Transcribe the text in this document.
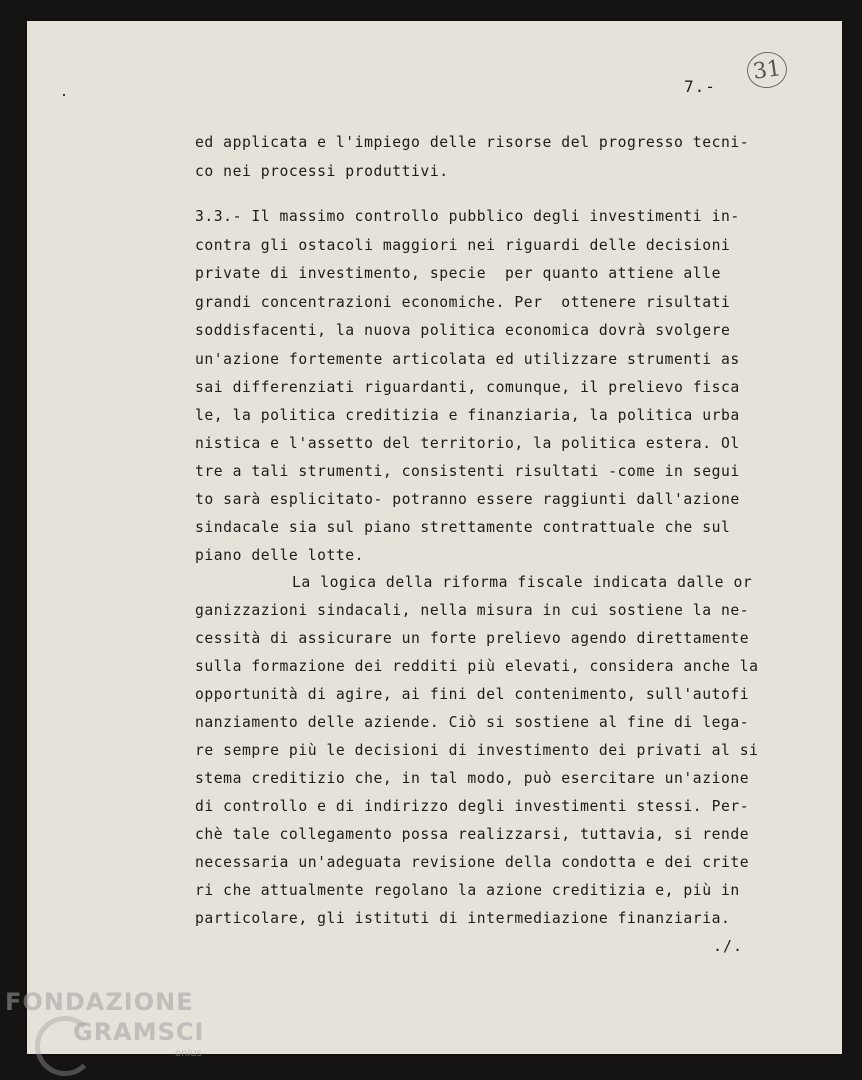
7.-
31

ed applicata e l'impiego delle risorse del progresso tecni-

co nei processi produttivi.

3.3.- Il massimo controllo pubblico degli investimenti in-

contra gli ostacoli maggiori nei riguardi delle decisioni

private di investimento, specie  per quanto attiene alle

grandi concentrazioni economiche. Per  ottenere risultati

soddisfacenti, la nuova politica economica dovrà svolgere

un'azione fortemente articolata ed utilizzare strumenti as

sai differenziati riguardanti, comunque, il prelievo fisca

le, la politica creditizia e finanziaria, la politica urba

nistica e l'assetto del territorio, la politica estera. Ol

tre a tali strumenti, consistenti risultati -come in segui

to sarà esplicitato- potranno essere raggiunti dall'azione

sindacale sia sul piano strettamente contrattuale che sul

piano delle lotte.

La logica della riforma fiscale indicata dalle or

ganizzazioni sindacali, nella misura in cui sostiene la ne-

cessità di assicurare un forte prelievo agendo direttamente

sulla formazione dei redditi più elevati, considera anche la

opportunità di agire, ai fini del contenimento, sull'autofi

nanziamento delle aziende. Ciò si sostiene al fine di lega-

re sempre più le decisioni di investimento dei privati al si

stema creditizio che, in tal modo, può esercitare un'azione

di controllo e di indirizzo degli investimenti stessi. Per-

chè tale collegamento possa realizzarsi, tuttavia, si rende

necessaria un'adeguata revisione della condotta e dei crite

ri che attualmente regolano la azione creditizia e, più in

particolare, gli istituti di intermediazione finanziaria.

./.
FONDAZIONE
GRAMSCI
onlus
